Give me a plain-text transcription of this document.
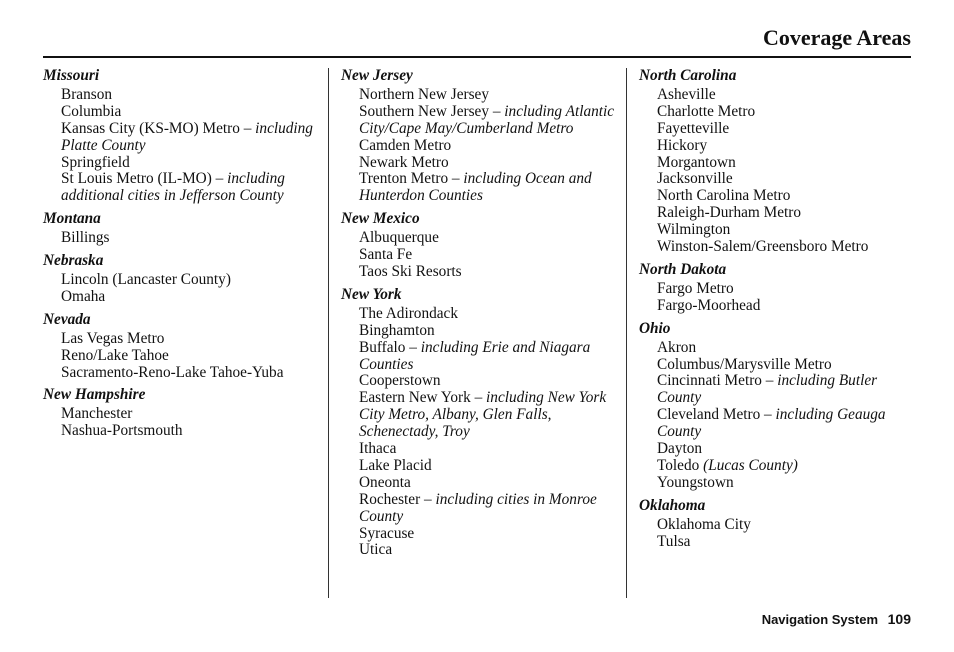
Coverage Areas
Missouri
Branson
Columbia
Kansas City (KS-MO) Metro – including Platte County
Springfield
St Louis Metro (IL-MO) – including additional cities in Jefferson County
Montana
Billings
Nebraska
Lincoln (Lancaster County)
Omaha
Nevada
Las Vegas Metro
Reno/Lake Tahoe
Sacramento-Reno-Lake Tahoe-Yuba
New Hampshire
Manchester
Nashua-Portsmouth
New Jersey
Northern New Jersey
Southern New Jersey – including Atlantic City/Cape May/Cumberland Metro
Camden Metro
Newark Metro
Trenton Metro – including Ocean and Hunterdon Counties
New Mexico
Albuquerque
Santa Fe
Taos Ski Resorts
New York
The Adirondack
Binghamton
Buffalo – including Erie and Niagara Counties
Cooperstown
Eastern New York – including New York City Metro, Albany, Glen Falls, Schenectady, Troy
Ithaca
Lake Placid
Oneonta
Rochester – including cities in Monroe County
Syracuse
Utica
North Carolina
Asheville
Charlotte Metro
Fayetteville
Hickory
Morgantown
Jacksonville
North Carolina Metro
Raleigh-Durham Metro
Wilmington
Winston-Salem/Greensboro Metro
North Dakota
Fargo Metro
Fargo-Moorhead
Ohio
Akron
Columbus/Marysville Metro
Cincinnati Metro – including Butler County
Cleveland Metro – including Geauga County
Dayton
Toledo (Lucas County)
Youngstown
Oklahoma
Oklahoma City
Tulsa
Navigation System 109
